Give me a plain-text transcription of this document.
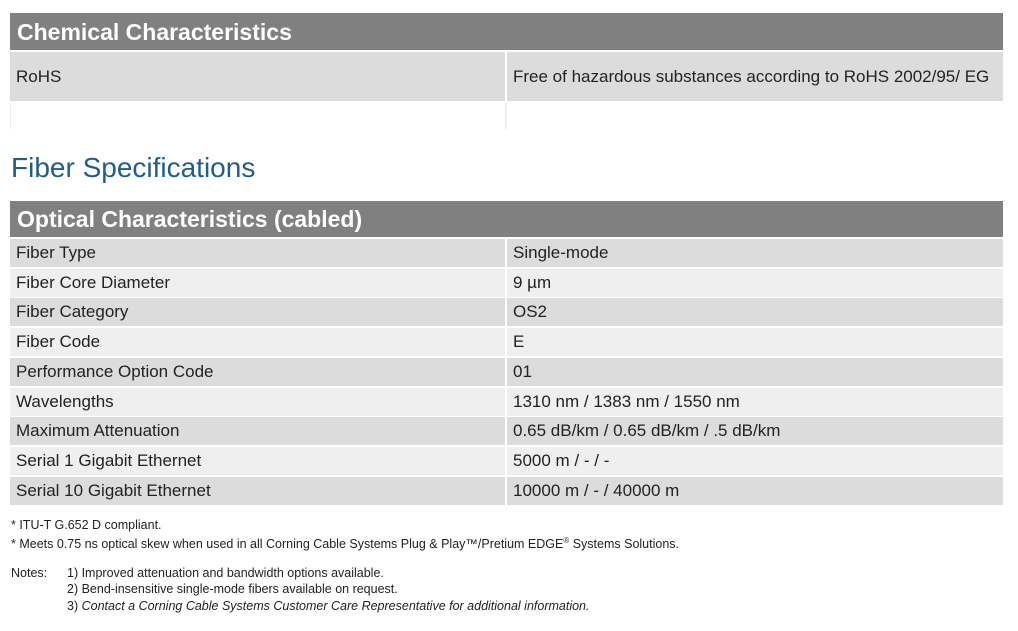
Chemical Characteristics
RoHS	Free of hazardous substances according to RoHS 2002/95/ EG
Fiber Specifications
Optical Characteristics (cabled)
Fiber Type	Single-mode
Fiber Core Diameter	9 µm
Fiber Category	OS2
Fiber Code	E
Performance Option Code	01
Wavelengths	1310 nm / 1383 nm / 1550 nm
Maximum Attenuation	0.65 dB/km / 0.65 dB/km / .5 dB/km
Serial 1 Gigabit Ethernet	5000 m / - / -
Serial 10 Gigabit Ethernet	10000 m / - / 40000 m
* ITU-T G.652 D compliant.
* Meets 0.75 ns optical skew when used in all Corning Cable Systems Plug & Play™/Pretium EDGE® Systems Solutions.
Notes: 1) Improved attenuation and bandwidth options available.
2) Bend-insensitive single-mode fibers available on request.
3) Contact a Corning Cable Systems Customer Care Representative for additional information.
